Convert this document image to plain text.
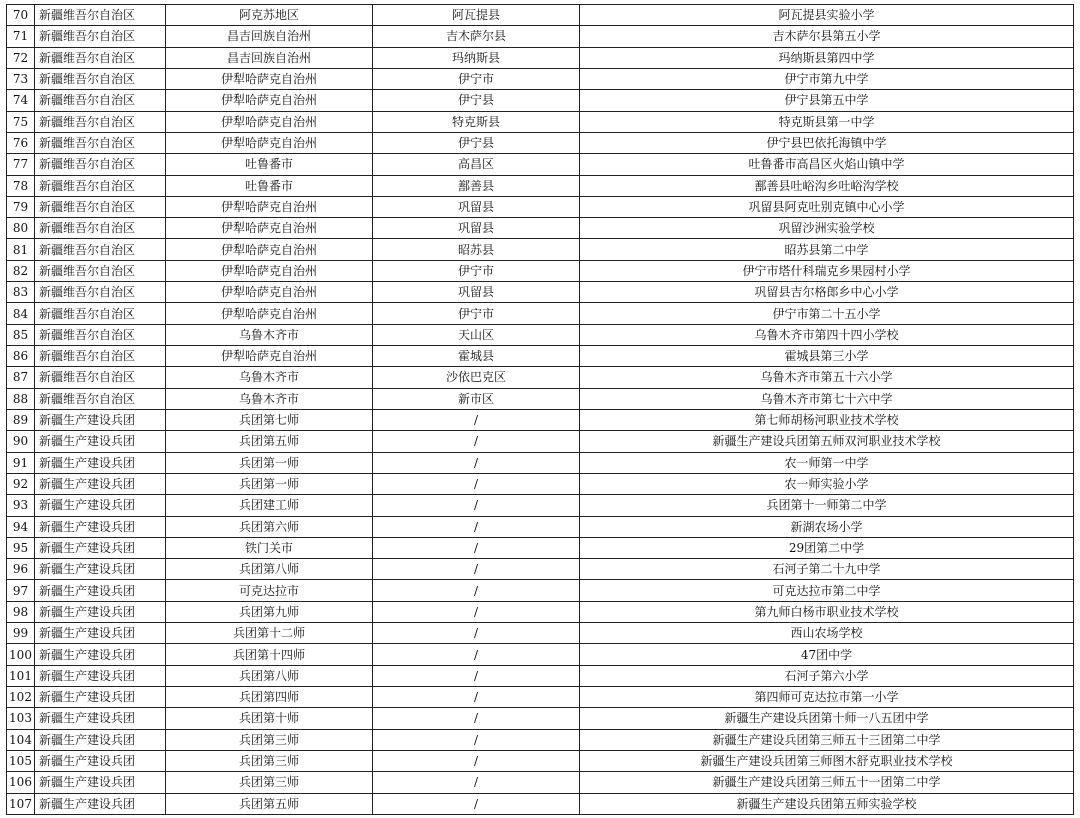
70	新疆维吾尔自治区	阿克苏地区	阿瓦提县	阿瓦提县实验小学
71	新疆维吾尔自治区	昌吉回族自治州	吉木萨尔县	吉木萨尔县第五小学
72	新疆维吾尔自治区	昌吉回族自治州	玛纳斯县	玛纳斯县第四中学
73	新疆维吾尔自治区	伊犁哈萨克自治州	伊宁市	伊宁市第九中学
74	新疆维吾尔自治区	伊犁哈萨克自治州	伊宁县	伊宁县第五中学
75	新疆维吾尔自治区	伊犁哈萨克自治州	特克斯县	特克斯县第一中学
76	新疆维吾尔自治区	伊犁哈萨克自治州	伊宁县	伊宁县巴依托海镇中学
77	新疆维吾尔自治区	吐鲁番市	高昌区	吐鲁番市高昌区火焰山镇中学
78	新疆维吾尔自治区	吐鲁番市	鄯善县	鄯善县吐峪沟乡吐峪沟学校
79	新疆维吾尔自治区	伊犁哈萨克自治州	巩留县	巩留县阿克吐别克镇中心小学
80	新疆维吾尔自治区	伊犁哈萨克自治州	巩留县	巩留沙洲实验学校
81	新疆维吾尔自治区	伊犁哈萨克自治州	昭苏县	昭苏县第二中学
82	新疆维吾尔自治区	伊犁哈萨克自治州	伊宁市	伊宁市塔什科瑞克乡果园村小学
83	新疆维吾尔自治区	伊犁哈萨克自治州	巩留县	巩留县吉尔格郎乡中心小学
84	新疆维吾尔自治区	伊犁哈萨克自治州	伊宁市	伊宁市第二十五小学
85	新疆维吾尔自治区	乌鲁木齐市	天山区	乌鲁木齐市第四十四小学校
86	新疆维吾尔自治区	伊犁哈萨克自治州	霍城县	霍城县第三小学
87	新疆维吾尔自治区	乌鲁木齐市	沙依巴克区	乌鲁木齐市第五十六小学
88	新疆维吾尔自治区	乌鲁木齐市	新市区	乌鲁木齐市第七十六中学
89	新疆生产建设兵团	兵团第七师	/	第七师胡杨河职业技术学校
90	新疆生产建设兵团	兵团第五师	/	新疆生产建设兵团第五师双河职业技术学校
91	新疆生产建设兵团	兵团第一师	/	农一师第一中学
92	新疆生产建设兵团	兵团第一师	/	农一师实验小学
93	新疆生产建设兵团	兵团建工师	/	兵团第十一师第二中学
94	新疆生产建设兵团	兵团第六师	/	新湖农场小学
95	新疆生产建设兵团	铁门关市	/	29团第二中学
96	新疆生产建设兵团	兵团第八师	/	石河子第二十九中学
97	新疆生产建设兵团	可克达拉市	/	可克达拉市第二中学
98	新疆生产建设兵团	兵团第九师	/	第九师白杨市职业技术学校
99	新疆生产建设兵团	兵团第十二师	/	西山农场学校
100	新疆生产建设兵团	兵团第十四师	/	47团中学
101	新疆生产建设兵团	兵团第八师	/	石河子第六小学
102	新疆生产建设兵团	兵团第四师	/	第四师可克达拉市第一小学
103	新疆生产建设兵团	兵团第十师	/	新疆生产建设兵团第十师一八五团中学
104	新疆生产建设兵团	兵团第三师	/	新疆生产建设兵团第三师五十三团第二中学
105	新疆生产建设兵团	兵团第三师	/	新疆生产建设兵团第三师图木舒克职业技术学校
106	新疆生产建设兵团	兵团第三师	/	新疆生产建设兵团第三师五十一团第二中学
107	新疆生产建设兵团	兵团第五师	/	新疆生产建设兵团第五师实验学校
